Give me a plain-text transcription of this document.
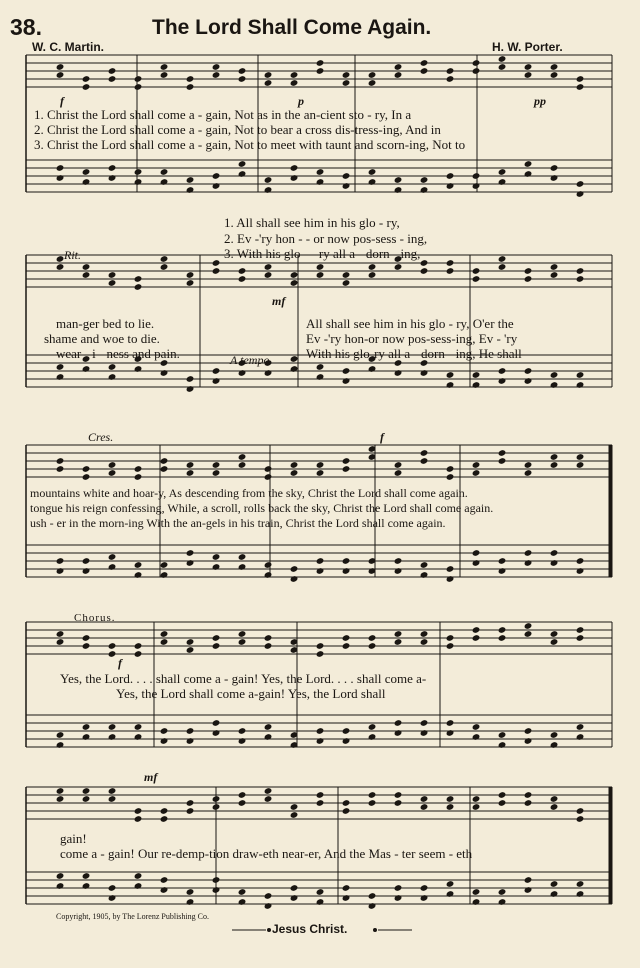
38.	The Lord Shall Come Again.
W. C. Martin.	H. W. Porter.
f	p	pp
1. Christ the Lord shall come a - gain, Not as in the an-cient sto - ry, In a
2. Christ the Lord shall come a - gain, Not to bear a cross dis-tress-ing, And in
3. Christ the Lord shall come a - gain, Not to meet with taunt and scorn-ing, Not to
1. All shall see him in his glo - ry,
2. Ev -'ry hon - - or now pos-sess - ing,
3. With his glo - - ry all a - dorn - ing,
Rit.
mf
man-ger bed to lie.
shame and woe to die.
wear - i - ness and pain.
All shall see him in his glo - ry, O'er the
Ev -'ry hon-or now pos-sess-ing, Ev - 'ry
With his glo-ry all a - dorn - ing, He shall
A tempo.
Cres.	f
mountains white and hoar-y, As descending from the sky, Christ the Lord shall come again.
tongue his reign confessing, While, a scroll, rolls back the sky, Christ the Lord shall come again.
ush - er in the morn-ing With the an-gels in his train, Christ the Lord shall come again.
Chorus.
f
Yes, the Lord. . . . shall come a - gain! Yes, the Lord. . . . shall come a-
Yes, the Lord shall come a-gain! Yes, the Lord shall
mf
gain!
come a - gain! Our re-demp-tion draw-eth near-er, And the Mas - ter seem - eth
Copyright, 1905, by The Lorenz Publishing Co.
Jesus Christ.
